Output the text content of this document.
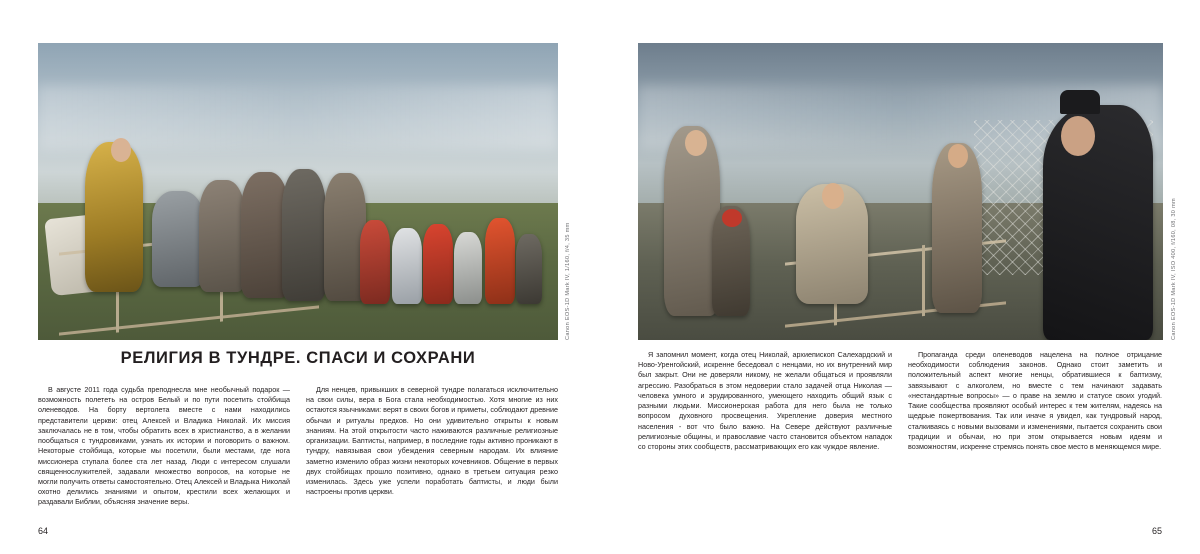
Canon EOS-1D Mark IV, 1/160, f/4, 35 mm
РЕЛИГИЯ В ТУНДРЕ. СПАСИ И СОХРАНИ
В августе 2011 года судьба преподнесла мне необычный подарок — возможность полететь на остров Белый и по пути посетить стойбища оленеводов. На борту вертолета вместе с нами находились представители церкви: отец Алексей и Владика Николай. Их миссия заключалась не в том, чтобы обратить всех в христианство, а в желании пообщаться с тундровиками, узнать их истории и поговорить о важном. Некоторые стойбища, которые мы посетили, были местами, где нога миссионера ступала более ста лет назад. Люди с интересом слушали священнослужителей, задавали множество вопросов, на которые не могли получить ответы самостоятельно. Отец Алексей и Владыка Николай охотно делились знаниями и опытом, крестили всех желающих и раздавали Библии, объясняя значение веры.
Для ненцев, привыкших в северной тундре полагаться исключительно на свои силы, вера в Бога стала необходимостью. Хотя многие из них остаются язычниками: верят в своих богов и приметы, соблюдают древние обычаи и ритуалы предков. Но они удивительно открыты к новым знаниям. На этой открытости часто наживаются различные религиозные организации. Баптисты, например, в последние годы активно проникают в тундру, навязывая свои убеждения северным народам. Их влияние заметно изменило образ жизни некоторых кочевников. Общение в первых двух стойбищах прошло позитивно, однако в третьем ситуация резко изменилась. Здесь уже успели поработать баптисты, и люди были настроены против церкви.
64
Canon EOS-1D Mark IV, ISO 400, f/160, 08, 30 mm
Я запомнил момент, когда отец Николай, архиепископ Салехардский и Ново-Уренгойский, искренне беседовал с ненцами, но их внутренний мир был закрыт. Они не доверяли никому, не желали общаться и проявляли агрессию. Разобраться в этом недоверии стало задачей отца Николая — человека умного и эрудированного, умеющего находить общий язык с разными людьми. Миссионерская работа для него была не только вопросом духовного просвещения. Укрепление доверия местного населения - вот что было важно. На Севере действуют различные религиозные общины, и православие часто становится объектом нападок со стороны этих сообществ, рассматривающих его как чуждое явление.
Пропаганда среди оленеводов нацелена на полное отрицание необходимости соблюдения законов. Однако стоит заметить и положительный аспект многие ненцы, обратившиеся к баптизму, завязывают с алкоголем, но вместе с тем начинают задавать «нестандартные вопросы» — о праве на землю и статусе своих угодий. Такие сообщества проявляют особый интерес к тем жителям, надеясь на щедрые пожертвования. Так или иначе я увидел, как тундровый народ, сталкиваясь с новыми вызовами и изменениями, пытается сохранить свои традиции и обычаи, но при этом открывается новым идеям и возможностям, искренне стремясь понять свое место в меняющемся мире.
65
